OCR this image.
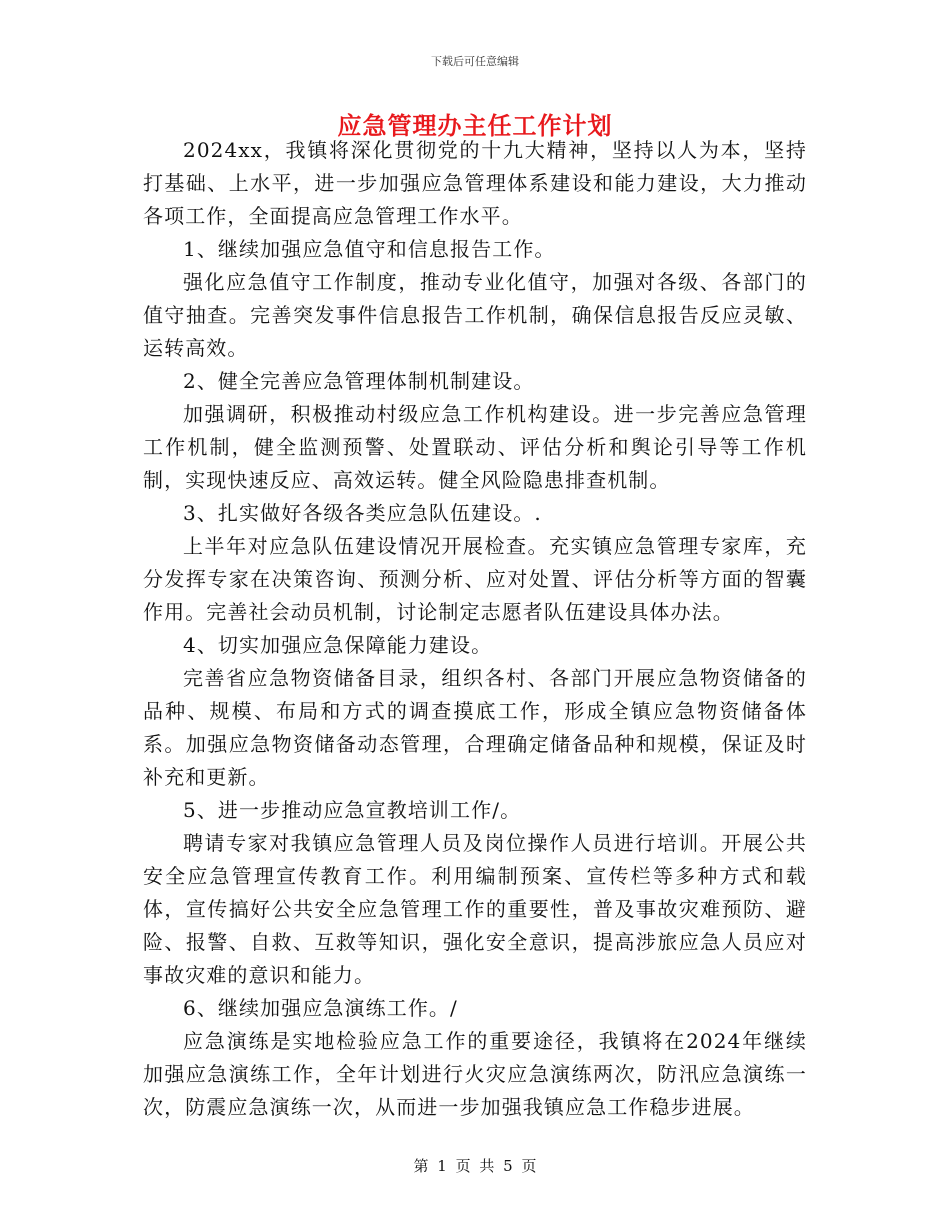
下载后可任意编辑
应急管理办主任工作计划

2024xx，我镇将深化贯彻党的十九大精神，坚持以人为本，坚持打基础、上水平，进一步加强应急管理体系建设和能力建设，大力推动各项工作，全面提高应急管理工作水平。

1、继续加强应急值守和信息报告工作。

强化应急值守工作制度，推动专业化值守，加强对各级、各部门的值守抽查。完善突发事件信息报告工作机制，确保信息报告反应灵敏、运转高效。

2、健全完善应急管理体制机制建设。

加强调研，积极推动村级应急工作机构建设。进一步完善应急管理工作机制，健全监测预警、处置联动、评估分析和舆论引导等工作机制，实现快速反应、高效运转。健全风险隐患排查机制。

3、扎实做好各级各类应急队伍建设。.

上半年对应急队伍建设情况开展检查。充实镇应急管理专家库，充分发挥专家在决策咨询、预测分析、应对处置、评估分析等方面的智囊作用。完善社会动员机制，讨论制定志愿者队伍建设具体办法。

4、切实加强应急保障能力建设。

完善省应急物资储备目录，组织各村、各部门开展应急物资储备的品种、规模、布局和方式的调查摸底工作，形成全镇应急物资储备体系。加强应急物资储备动态管理，合理确定储备品种和规模，保证及时补充和更新。

5、进一步推动应急宣教培训工作/。

聘请专家对我镇应急管理人员及岗位操作人员进行培训。开展公共安全应急管理宣传教育工作。利用编制预案、宣传栏等多种方式和载体，宣传搞好公共安全应急管理工作的重要性，普及事故灾难预防、避险、报警、自救、互救等知识，强化安全意识，提高涉旅应急人员应对事故灾难的意识和能力。

6、继续加强应急演练工作。/

应急演练是实地检验应急工作的重要途径，我镇将在2024年继续加强应急演练工作，全年计划进行火灾应急演练两次，防汛应急演练一次，防震应急演练一次，从而进一步加强我镇应急工作稳步进展。

第 1 页 共 5 页
